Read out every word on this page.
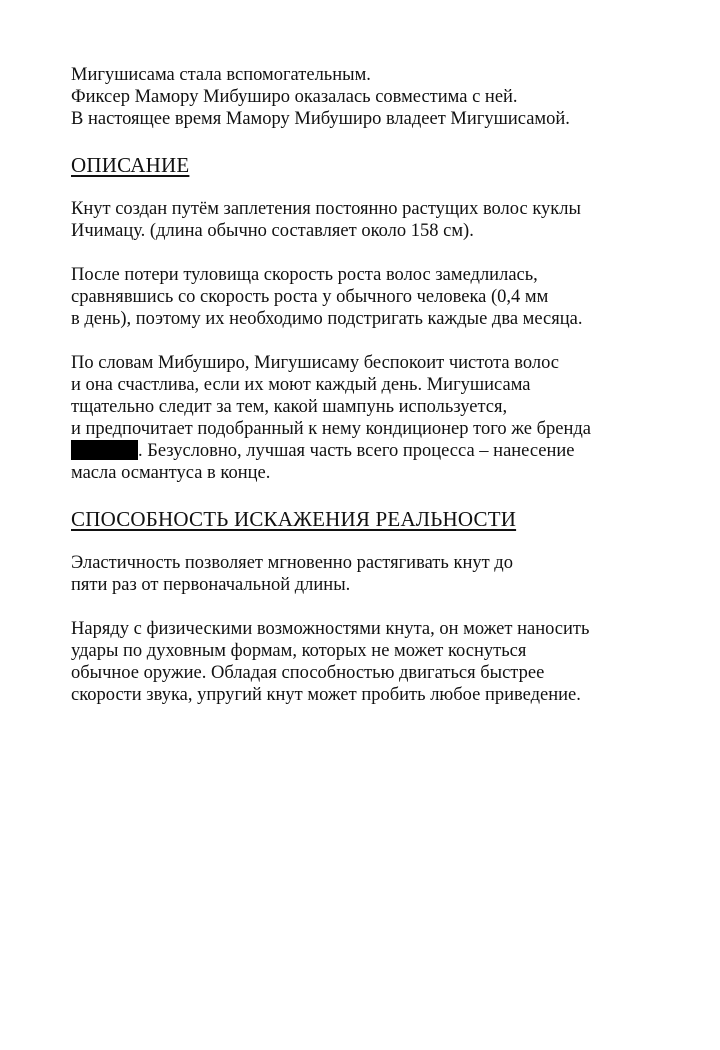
Мигушисама стала вспомогательным.

Фиксер Мамору Мибуширо оказалась совместима с ней.

В настоящее время Мамору Мибуширо владеет Мигушисамой.

ОПИСАНИЕ

Кнут создан путём заплетения постоянно растущих волос куклы

Ичимацу. (длина обычно составляет около 158 см).

После потери туловища скорость роста волос замедлилась,

сравнявшись со скорость роста у обычного человека (0,4 мм

в день), поэтому их необходимо подстригать каждые два месяца.

По словам Мибуширо, Мигушисаму беспокоит чистота волос

и она счастлива, если их моют каждый день. Мигушисама

тщательно следит за тем, какой шампунь используется,

и предпочитает подобранный к нему кондиционер того же бренда

. Безусловно, лучшая часть всего процесса – нанесение

масла османтуса в конце.

СПОСОБНОСТЬ ИСКАЖЕНИЯ РЕАЛЬНОСТИ

Эластичность позволяет мгновенно растягивать кнут до

пяти раз от первоначальной длины.

Наряду с физическими возможностями кнута, он может наносить

удары по духовным формам, которых не может коснуться

обычное оружие. Обладая способностью двигаться быстрее

скорости звука, упругий кнут может пробить любое приведение.
